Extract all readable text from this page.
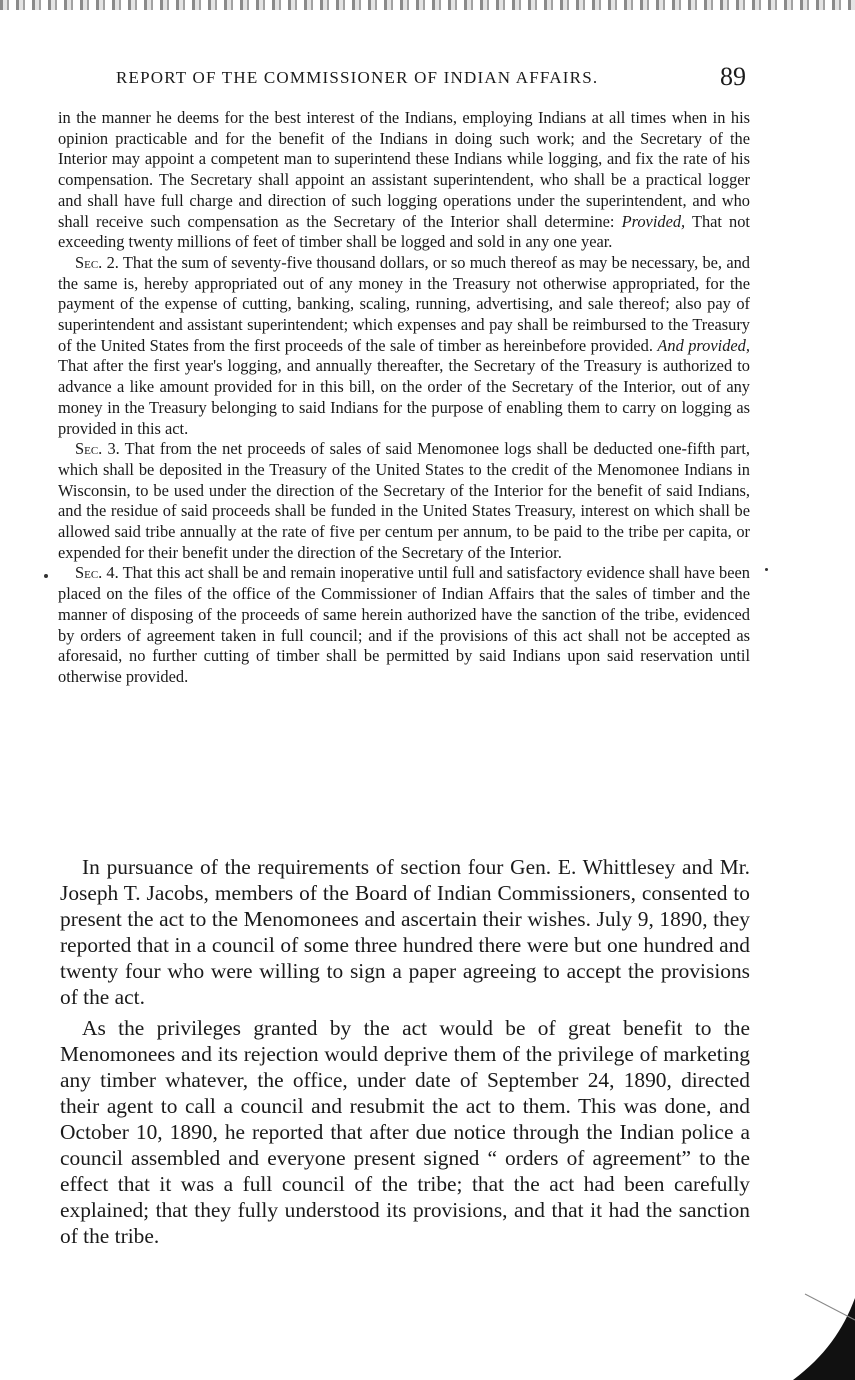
REPORT OF THE COMMISSIONER OF INDIAN AFFAIRS.	89

in the manner he deems for the best interest of the Indians, employing Indians at all times when in his opinion practicable and for the benefit of the Indians in doing such work; and the Secretary of the Interior may appoint a competent man to superintend these Indians while logging, and fix the rate of his compensation. The Secretary shall appoint an assistant superintendent, who shall be a practical logger and shall have full charge and direction of such logging operations under the superintendent, and who shall receive such compensation as the Secretary of the Interior shall determine: Provided, That not exceeding twenty millions of feet of timber shall be logged and sold in any one year.

Sec. 2. That the sum of seventy-five thousand dollars, or so much thereof as may be necessary, be, and the same is, hereby appropriated out of any money in the Treasury not otherwise appropriated, for the payment of the expense of cutting, banking, scaling, running, advertising, and sale thereof; also pay of superintendent and assistant superintendent; which expenses and pay shall be reimbursed to the Treasury of the United States from the first proceeds of the sale of timber as hereinbefore provided. And provided, That after the first year's logging, and annually thereafter, the Secretary of the Treasury is authorized to advance a like amount provided for in this bill, on the order of the Secretary of the Interior, out of any money in the Treasury belonging to said Indians for the purpose of enabling them to carry on logging as provided in this act.

Sec. 3. That from the net proceeds of sales of said Menomonee logs shall be deducted one-fifth part, which shall be deposited in the Treasury of the United States to the credit of the Menomonee Indians in Wisconsin, to be used under the direction of the Secretary of the Interior for the benefit of said Indians, and the residue of said proceeds shall be funded in the United States Treasury, interest on which shall be allowed said tribe annually at the rate of five per centum per annum, to be paid to the tribe per capita, or expended for their benefit under the direction of the Secretary of the Interior.

Sec. 4. That this act shall be and remain inoperative until full and satisfactory evidence shall have been placed on the files of the office of the Commissioner of Indian Affairs that the sales of timber and the manner of disposing of the proceeds of same herein authorized have the sanction of the tribe, evidenced by orders of agreement taken in full council; and if the provisions of this act shall not be accepted as aforesaid, no further cutting of timber shall be permitted by said Indians upon said reservation until otherwise provided.

In pursuance of the requirements of section four Gen. E. Whittlesey and Mr. Joseph T. Jacobs, members of the Board of Indian Commissioners, consented to present the act to the Menomonees and ascertain their wishes. July 9, 1890, they reported that in a council of some three hundred there were but one hundred and twenty four who were willing to sign a paper agreeing to accept the provisions of the act.

As the privileges granted by the act would be of great benefit to the Menomonees and its rejection would deprive them of the privilege of marketing any timber whatever, the office, under date of September 24, 1890, directed their agent to call a council and resubmit the act to them. This was done, and October 10, 1890, he reported that after due notice through the Indian police a council assembled and everyone present signed “ orders of agreement” to the effect that it was a full council of the tribe; that the act had been carefully explained; that they fully understood its provisions, and that it had the sanction of the tribe.
